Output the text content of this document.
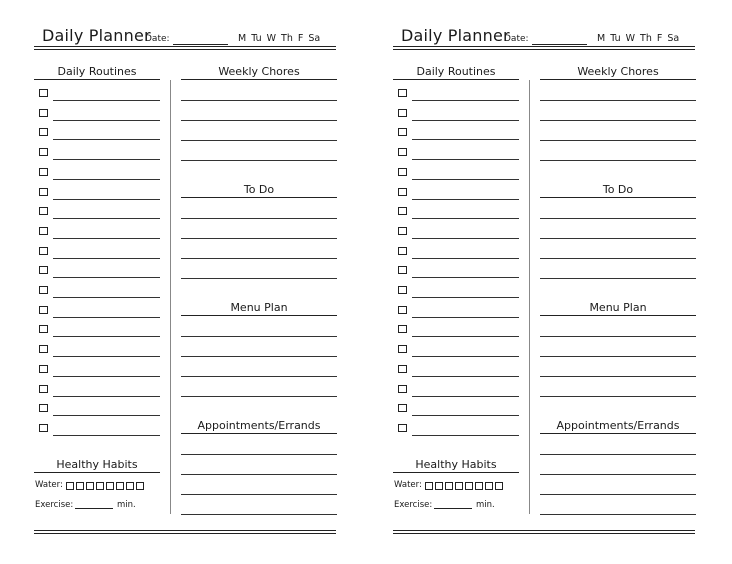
Daily Planner
Date:	M Tu W Th F Sa
Daily Routines	Weekly Chores
To Do
Menu Plan
Appointments/Errands
Healthy Habits
Water:
Exercise:	min.
Daily Planner
Date:	M Tu W Th F Sa
Daily Routines	Weekly Chores
To Do
Menu Plan
Appointments/Errands
Healthy Habits
Water:
Exercise:	min.
